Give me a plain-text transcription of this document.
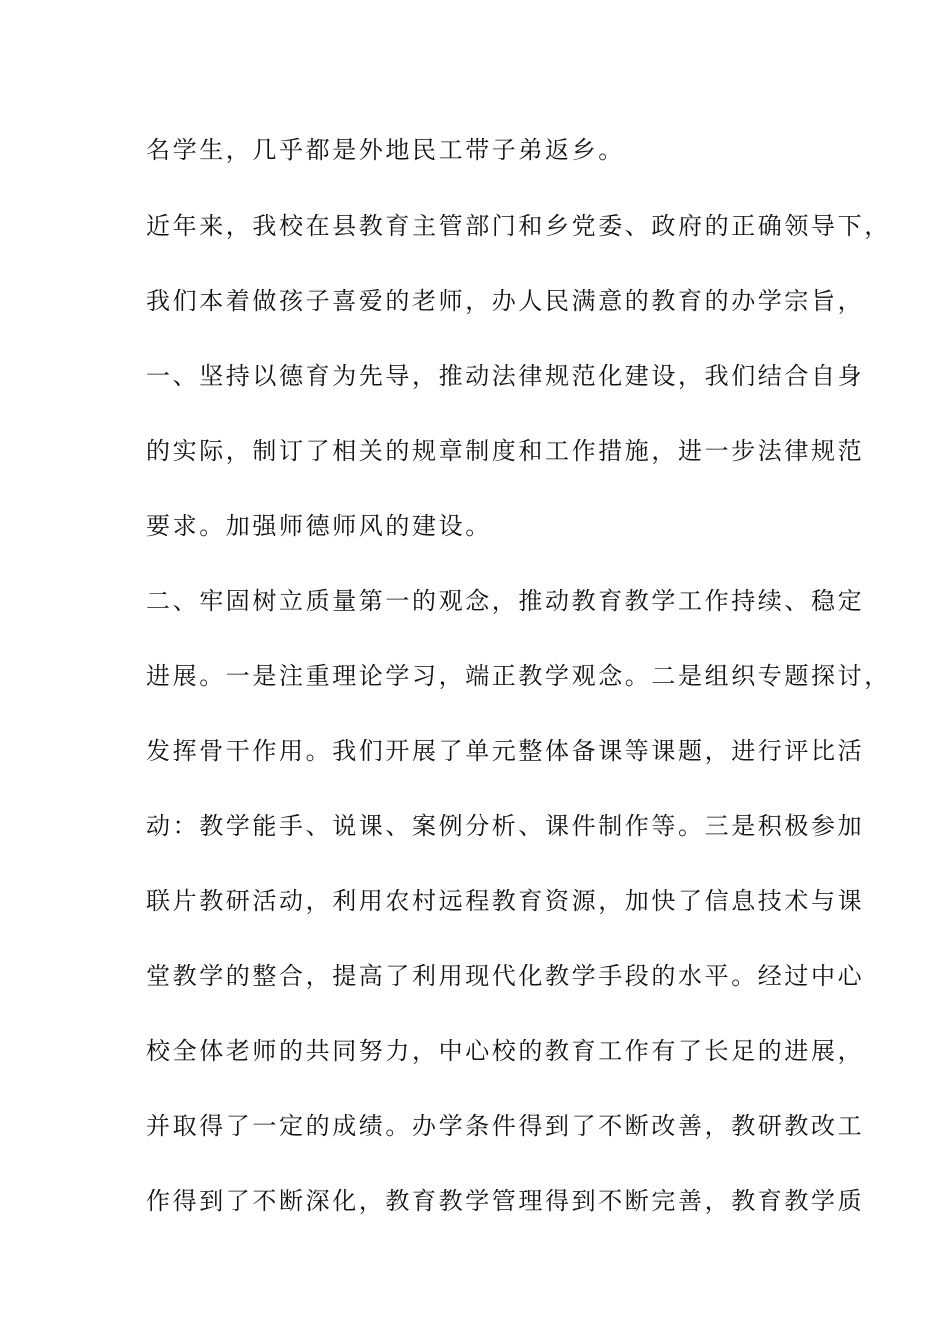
名学生，几乎都是外地民工带子弟返乡。
近年来，我校在县教育主管部门和乡党委、政府的正确领导下，
我们本着做孩子喜爱的老师，办人民满意的教育的办学宗旨，
一、坚持以德育为先导，推动法律规范化建设，我们结合自身
的实际，制订了相关的规章制度和工作措施，进一步法律规范
要求。加强师德师风的建设。
二、牢固树立质量第一的观念，推动教育教学工作持续、稳定
进展。一是注重理论学习，端正教学观念。二是组织专题探讨，
发挥骨干作用。我们开展了单元整体备课等课题，进行评比活
动：教学能手、说课、案例分析、课件制作等。三是积极参加
联片教研活动，利用农村远程教育资源，加快了信息技术与课
堂教学的整合，提高了利用现代化教学手段的水平。经过中心
校全体老师的共同努力，中心校的教育工作有了长足的进展，
并取得了一定的成绩。办学条件得到了不断改善，教研教改工
作得到了不断深化，教育教学管理得到不断完善，教育教学质
